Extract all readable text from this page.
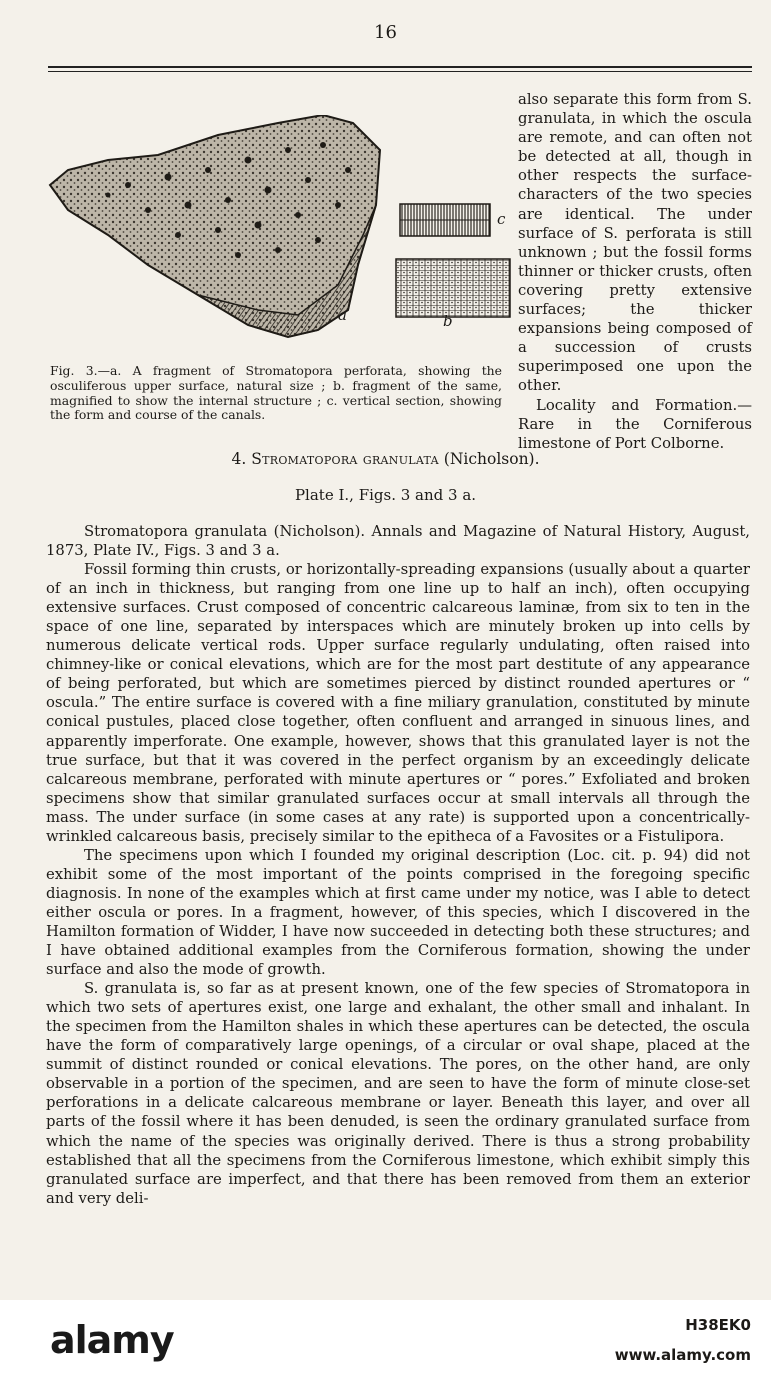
16
a
c
b
Fig. 3.—a. A fragment of Stromatopora perforata, showing the osculiferous upper surface, natural size ; b. fragment of the same, magnified to show the internal structure ; c. vertical section, showing the form and course of the canals.

also separate this form from S. granulata, in which the oscula are remote, and can often not be detected at all, though in other respects the surface-characters of the two species are identical. The under surface of S. perforata is still unknown ; but the fossil forms thinner or thicker crusts, often covering pretty extensive surfaces; the thicker expansions being composed of a succession of crusts superimposed one upon the other.

Locality and Formation.—Rare in the Corniferous limestone of Port Colborne.

4. Stromatopora granulata (Nicholson).
Plate I., Figs. 3 and 3 a.

Stromatopora granulata (Nicholson). Annals and Magazine of Natural History, August, 1873, Plate IV., Figs. 3 and 3 a.

Fossil forming thin crusts, or horizontally-spreading expansions (usually about a quarter of an inch in thickness, but ranging from one line up to half an inch), often occupying extensive surfaces. Crust composed of concentric calcareous laminæ, from six to ten in the space of one line, separated by interspaces which are minutely broken up into cells by numerous delicate vertical rods. Upper surface regularly undulating, often raised into chimney-like or conical elevations, which are for the most part destitute of any appearance of being perforated, but which are sometimes pierced by distinct rounded apertures or “ oscula.” The entire surface is covered with a fine miliary granulation, constituted by minute conical pustules, placed close together, often confluent and arranged in sinuous lines, and apparently imperforate. One example, however, shows that this granulated layer is not the true surface, but that it was covered in the perfect organism by an exceedingly delicate calcareous membrane, perforated with minute apertures or “ pores.” Exfoliated and broken specimens show that similar granulated surfaces occur at small intervals all through the mass. The under surface (in some cases at any rate) is supported upon a concentrically-wrinkled calcareous basis, precisely similar to the epitheca of a Favosites or a Fistulipora.

The specimens upon which I founded my original description (Loc. cit. p. 94) did not exhibit some of the most important of the points comprised in the foregoing specific diagnosis. In none of the examples which at first came under my notice, was I able to detect either oscula or pores. In a fragment, however, of this species, which I discovered in the Hamilton formation of Widder, I have now succeeded in detecting both these structures; and I have obtained additional examples from the Corniferous formation, showing the under surface and also the mode of growth.

S. granulata is, so far as at present known, one of the few species of Stromatopora in which two sets of apertures exist, one large and exhalant, the other small and inhalant. In the specimen from the Hamilton shales in which these apertures can be detected, the oscula have the form of comparatively large openings, of a circular or oval shape, placed at the summit of distinct rounded or conical elevations. The pores, on the other hand, are only observable in a portion of the specimen, and are seen to have the form of minute close-set perforations in a delicate calcareous membrane or layer. Beneath this layer, and over all parts of the fossil where it has been denuded, is seen the ordinary granulated surface from which the name of the species was originally derived. There is thus a strong probability established that all the specimens from the Corniferous limestone, which exhibit simply this granulated surface are imperfect, and that there has been removed from them an exterior and very deli-

alamy	H38EK0
www.alamy.com
